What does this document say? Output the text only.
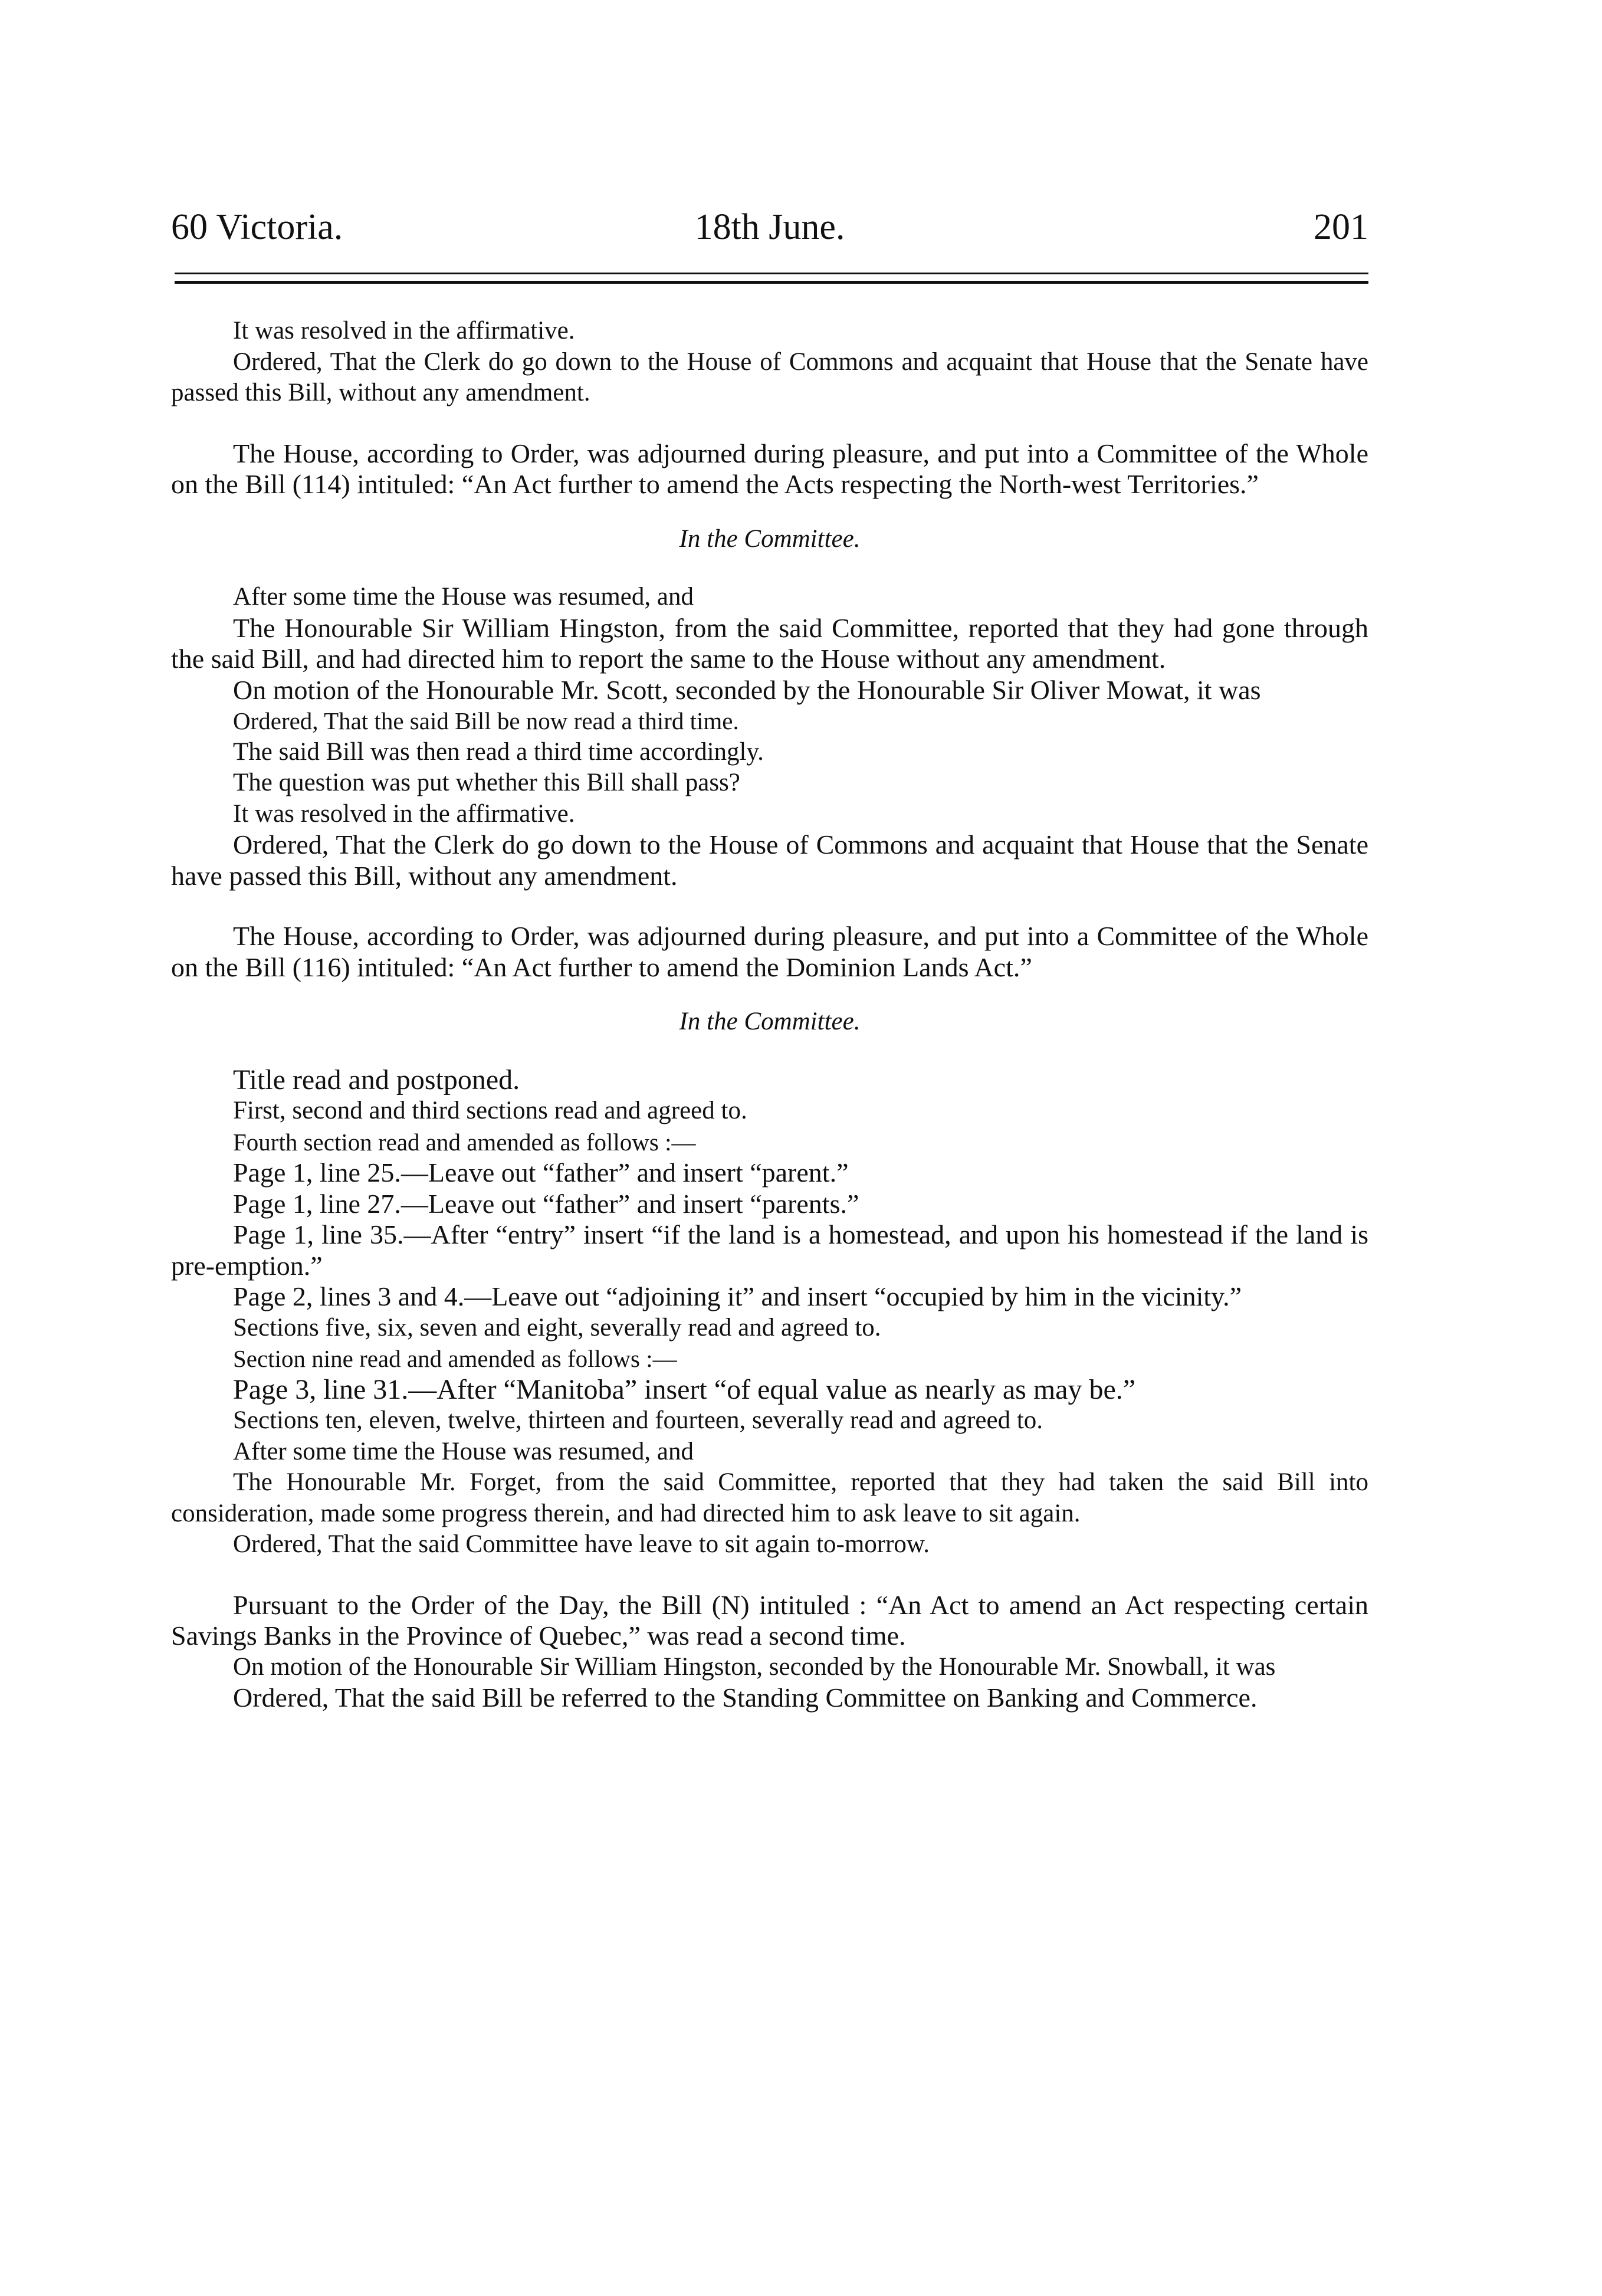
60 Victoria.	18th June.	201

It was resolved in the affirmative.

Ordered, That the Clerk do go down to the House of Commons and acquaint that House that the Senate have passed this Bill, without any amendment.

The House, according to Order, was adjourned during pleasure, and put into a Committee of the Whole on the Bill (114) intituled: “An Act further to amend the Acts respecting the North-west Territories.”

In the Committee.

After some time the House was resumed, and

The Honourable Sir William Hingston, from the said Committee, reported that they had gone through the said Bill, and had directed him to report the same to the House without any amendment.

On motion of the Honourable Mr. Scott, seconded by the Honourable Sir Oliver Mowat, it was

Ordered, That the said Bill be now read a third time.

The said Bill was then read a third time accordingly.

The question was put whether this Bill shall pass?

It was resolved in the affirmative.

Ordered, That the Clerk do go down to the House of Commons and acquaint that House that the Senate have passed this Bill, without any amendment.

The House, according to Order, was adjourned during pleasure, and put into a Committee of the Whole on the Bill (116) intituled: “An Act further to amend the Dominion Lands Act.”

In the Committee.

Title read and postponed.

First, second and third sections read and agreed to.

Fourth section read and amended as follows :—

Page 1, line 25.—Leave out “father” and insert “parent.”

Page 1, line 27.—Leave out “father” and insert “parents.”

Page 1, line 35.—After “entry” insert “if the land is a homestead, and upon his homestead if the land is pre-emption.”

Page 2, lines 3 and 4.—Leave out “adjoining it” and insert “occupied by him in the vicinity.”

Sections five, six, seven and eight, severally read and agreed to.

Section nine read and amended as follows :—

Page 3, line 31.—After “Manitoba” insert “of equal value as nearly as may be.”

Sections ten, eleven, twelve, thirteen and fourteen, severally read and agreed to.

After some time the House was resumed, and

The Honourable Mr. Forget, from the said Committee, reported that they had taken the said Bill into consideration, made some progress therein, and had directed him to ask leave to sit again.

Ordered, That the said Committee have leave to sit again to-morrow.

Pursuant to the Order of the Day, the Bill (N) intituled : “An Act to amend an Act respecting certain Savings Banks in the Province of Quebec,” was read a second time.

On motion of the Honourable Sir William Hingston, seconded by the Honourable Mr. Snowball, it was

Ordered, That the said Bill be referred to the Standing Committee on Banking and Commerce.
